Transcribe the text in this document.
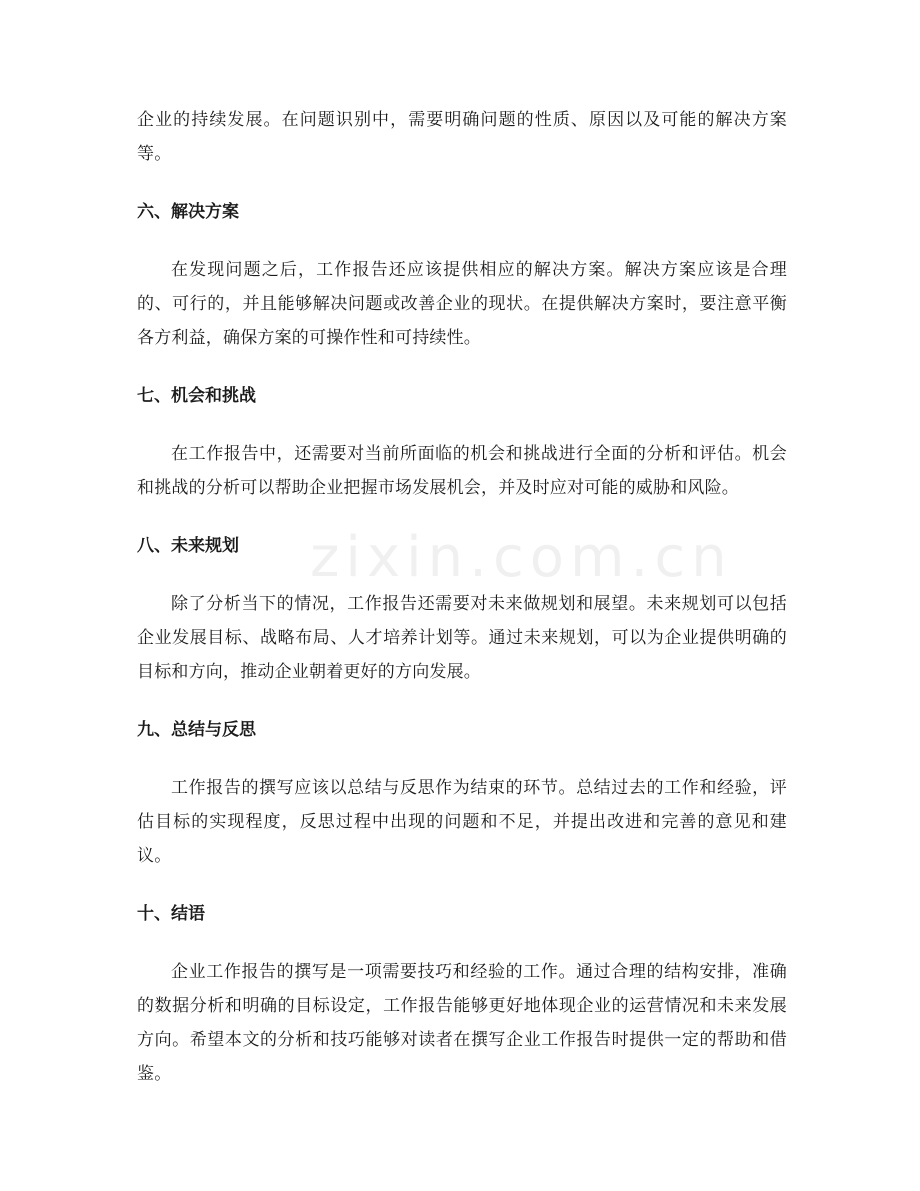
zixin.com.cn

企业的持续发展。在问题识别中，需要明确问题的性质、原因以及可能的解决方案等。

六、解决方案

在发现问题之后，工作报告还应该提供相应的解决方案。解决方案应该是合理的、可行的，并且能够解决问题或改善企业的现状。在提供解决方案时，要注意平衡各方利益，确保方案的可操作性和可持续性。

七、机会和挑战

在工作报告中，还需要对当前所面临的机会和挑战进行全面的分析和评估。机会和挑战的分析可以帮助企业把握市场发展机会，并及时应对可能的威胁和风险。

八、未来规划

除了分析当下的情况，工作报告还需要对未来做规划和展望。未来规划可以包括企业发展目标、战略布局、人才培养计划等。通过未来规划，可以为企业提供明确的目标和方向，推动企业朝着更好的方向发展。

九、总结与反思

工作报告的撰写应该以总结与反思作为结束的环节。总结过去的工作和经验，评估目标的实现程度，反思过程中出现的问题和不足，并提出改进和完善的意见和建议。

十、结语

企业工作报告的撰写是一项需要技巧和经验的工作。通过合理的结构安排，准确的数据分析和明确的目标设定，工作报告能够更好地体现企业的运营情况和未来发展方向。希望本文的分析和技巧能够对读者在撰写企业工作报告时提供一定的帮助和借鉴。
